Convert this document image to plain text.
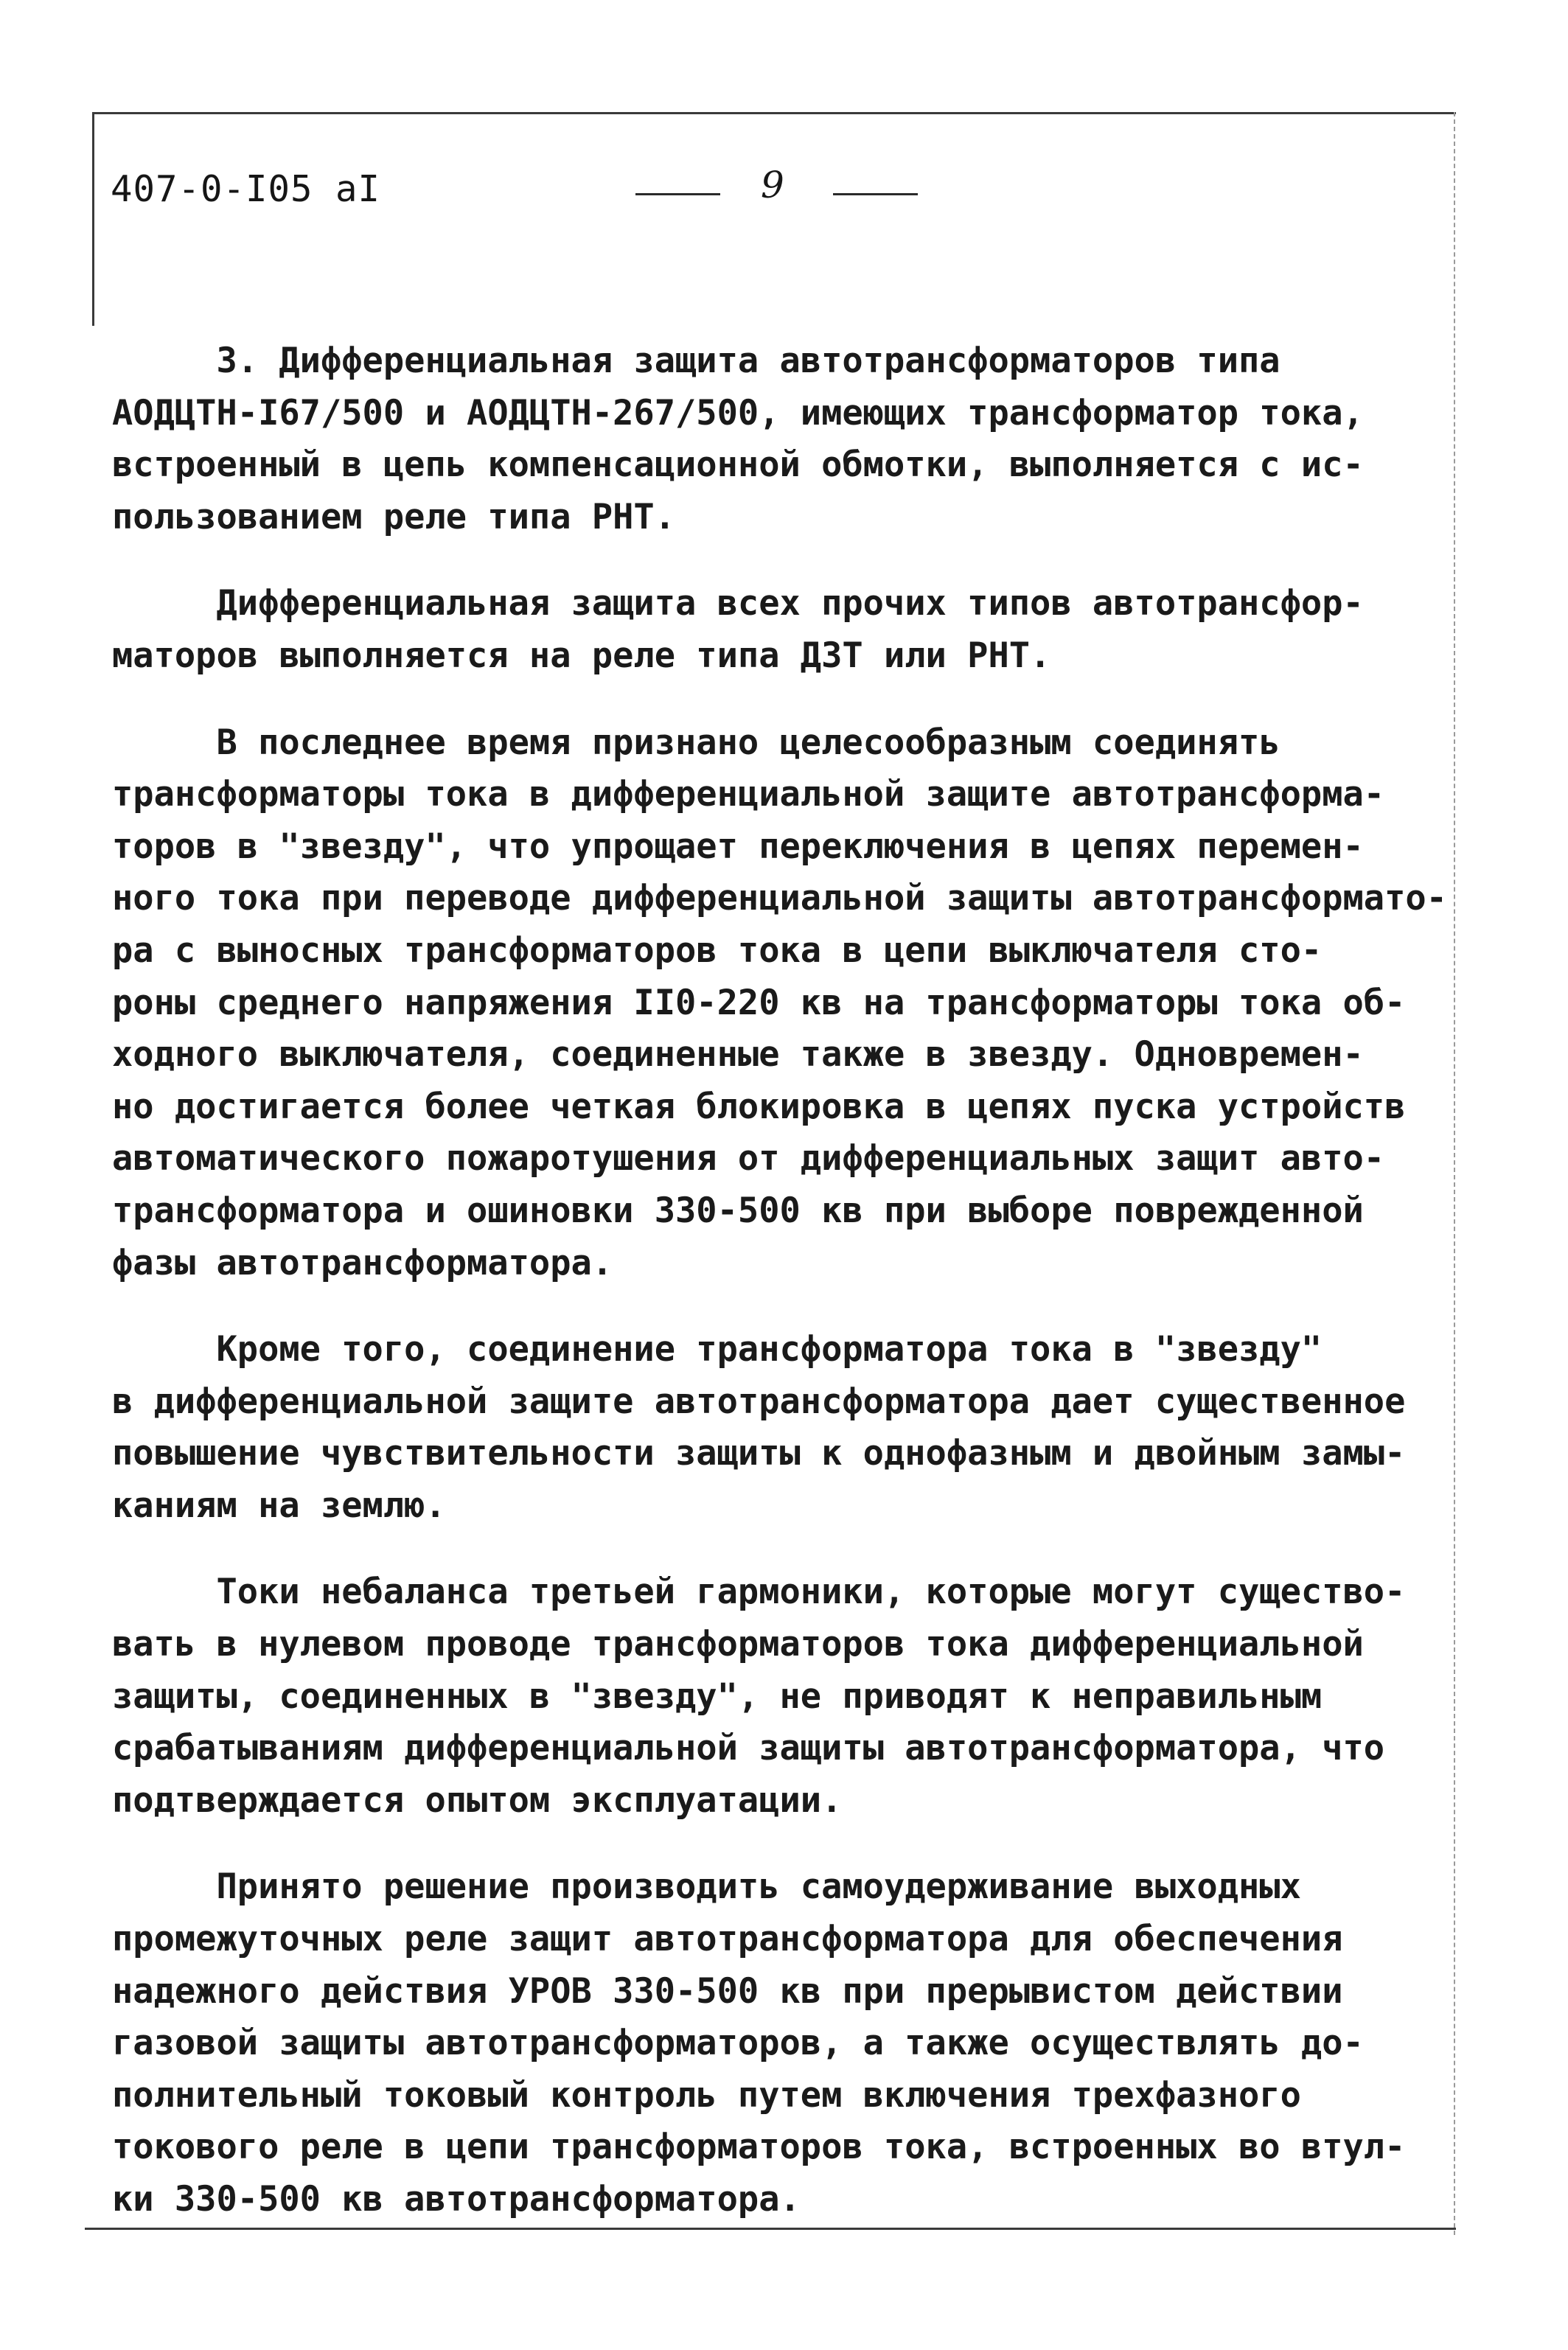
407-0-I05 aI	9
3. Дифференциальная защита автотрансформаторов типа
АОДЦТН-I67/500 и АОДЦТН-267/500, имеющих трансформатор тока,
встроенный в цепь компенсационной обмотки, выполняется с ис-
пользованием реле типа РНТ.
Дифференциальная защита всех прочих типов автотрансфор-
маторов выполняется на реле типа ДЗТ или РНТ.
В последнее время признано целесообразным соединять
трансформаторы тока в дифференциальной защите автотрансформа-
торов в "звезду", что упрощает переключения в цепях перемен-
ного тока при переводе дифференциальной защиты автотрансформато-
ра с выносных трансформаторов тока в цепи выключателя сто-
роны среднего напряжения II0-220 кв на трансформаторы тока об-
ходного выключателя, соединенные также в звезду. Одновремен-
но достигается более четкая блокировка в цепях пуска устройств
автоматического пожаротушения от дифференциальных защит авто-
трансформатора и ошиновки 330-500 кв при выборе поврежденной
фазы автотрансформатора.
Кроме того, соединение трансформатора тока в "звезду"
в дифференциальной защите автотрансформатора дает существенное
повышение чувствительности защиты к однофазным и двойным замы-
каниям на землю.
Токи небаланса третьей гармоники, которые могут существо-
вать в нулевом проводе трансформаторов тока дифференциальной
защиты, соединенных в "звезду", не приводят к неправильным
срабатываниям дифференциальной защиты автотрансформатора, что
подтверждается опытом эксплуатации.
Принято решение производить самоудерживание выходных
промежуточных реле защит автотрансформатора для обеспечения
надежного действия УРОВ 330-500 кв при прерывистом действии
газовой защиты автотрансформаторов, а также осуществлять до-
полнительный токовый контроль путем включения трехфазного
токового реле в цепи трансформаторов тока, встроенных во втул-
ки 330-500 кв автотрансформатора.
